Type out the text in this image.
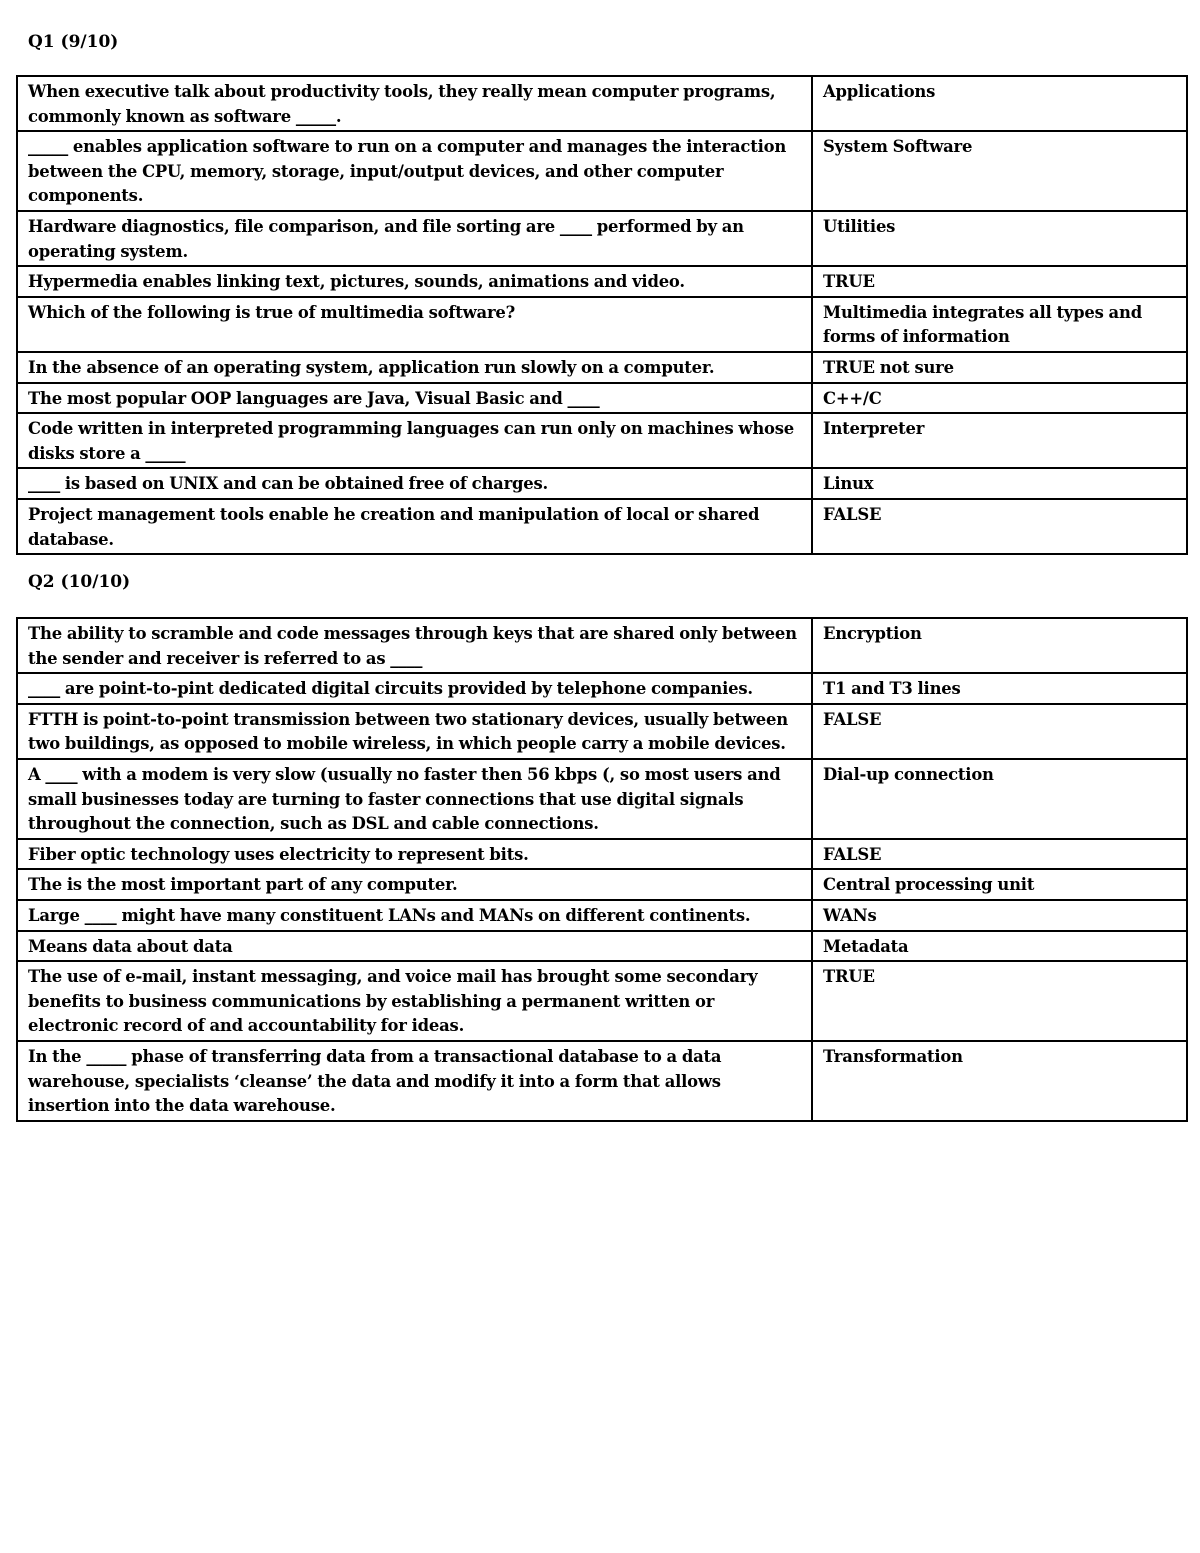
Q1 (9/10)
When executive talk about productivity tools, they really mean computer programs, commonly known as software _____.	Applications
_____ enables application software to run on a computer and manages the interaction between the CPU, memory, storage, input/output devices, and other computer components.	System Software
Hardware diagnostics, file comparison, and file sorting are ____ performed by an operating system.	Utilities
Hypermedia enables linking text, pictures, sounds, animations and video.	TRUE
Which of the following is true of multimedia software?	Multimedia integrates all types and forms of information
In the absence of an operating system, application run slowly on a computer.	TRUE not sure
The most popular OOP languages are Java, Visual Basic and ____	C++/C
Code written in interpreted programming languages can run only on machines whose disks store a _____	Interpreter
____ is based on UNIX and can be obtained free of charges.	Linux
Project management tools enable he creation and manipulation of local or shared database.	FALSE
Q2 (10/10)
The ability to scramble and code messages through keys that are shared only between the sender and receiver is referred to as ____	Encryption
____ are point-to-pint dedicated digital circuits provided by telephone companies.	T1 and T3 lines
FTTH is point-to-point transmission between two stationary devices, usually between two buildings, as opposed to mobile wireless, in which people carry a mobile devices.	FALSE
A ____ with a modem is very slow (usually no faster then 56 kbps (, so most users and small businesses today are turning to faster connections that use digital signals throughout the connection, such as DSL and cable connections.	Dial-up connection
Fiber optic technology uses electricity to represent bits.	FALSE
The is the most important part of any computer.	Central processing unit
Large ____ might have many constituent LANs and MANs on different continents.	WANs
Means data about data	Metadata
The use of e-mail, instant messaging, and voice mail has brought some secondary benefits to business communications by establishing a permanent written or electronic record of and accountability for ideas.	TRUE
In the _____ phase of transferring data from a transactional database to a data warehouse, specialists ‘cleanse’ the data and modify it into a form that allows insertion into the data warehouse.	Transformation
